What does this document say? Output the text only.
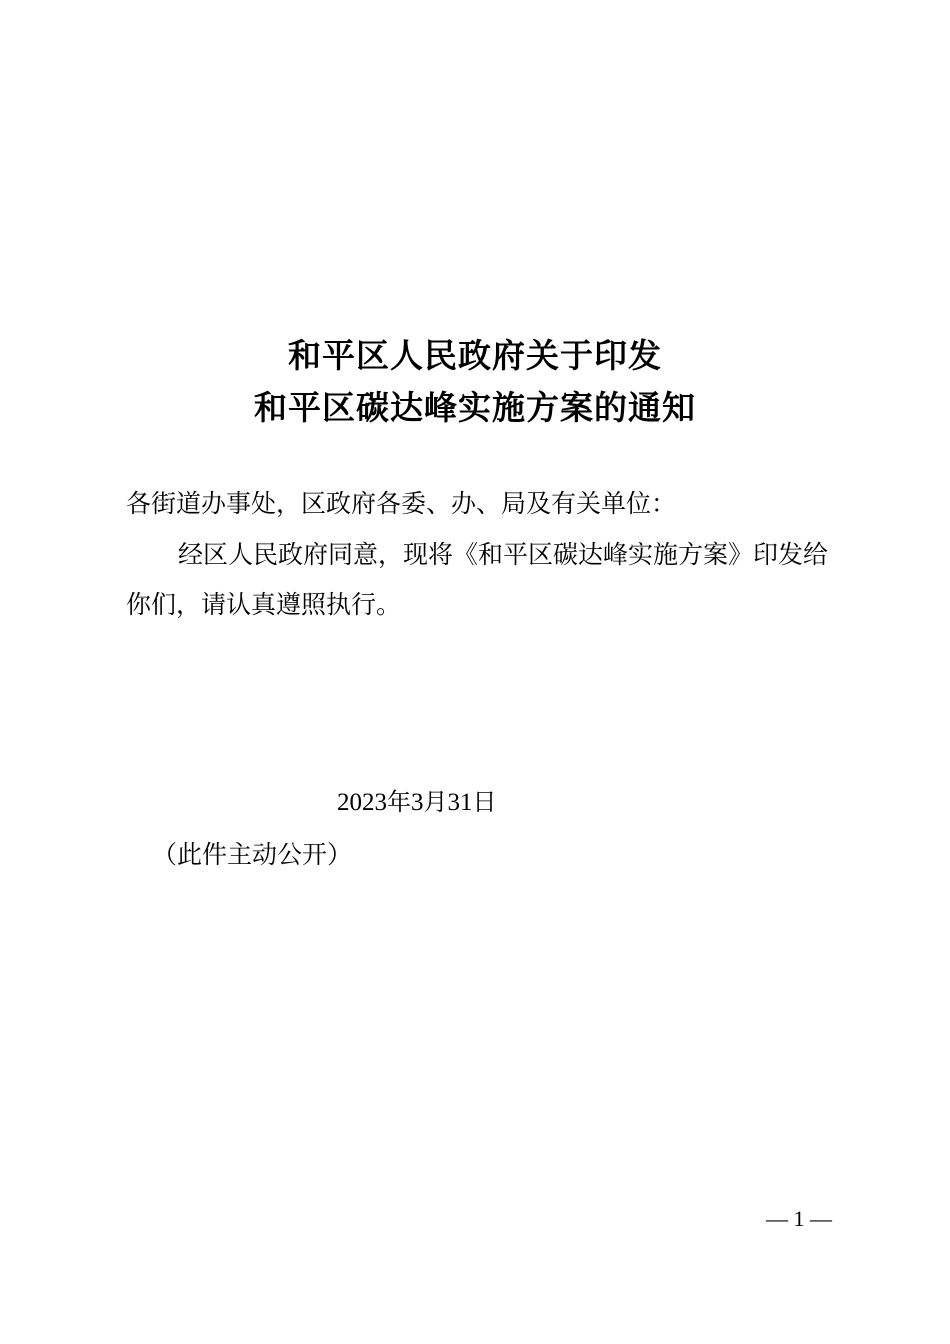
和平区人民政府关于印发
和平区碳达峰实施方案的通知
各街道办事处，区政府各委、办、局及有关单位：
经区人民政府同意，现将《和平区碳达峰实施方案》印发给你们，请认真遵照执行。
2023年3月31日
（此件主动公开）
— 1 —
